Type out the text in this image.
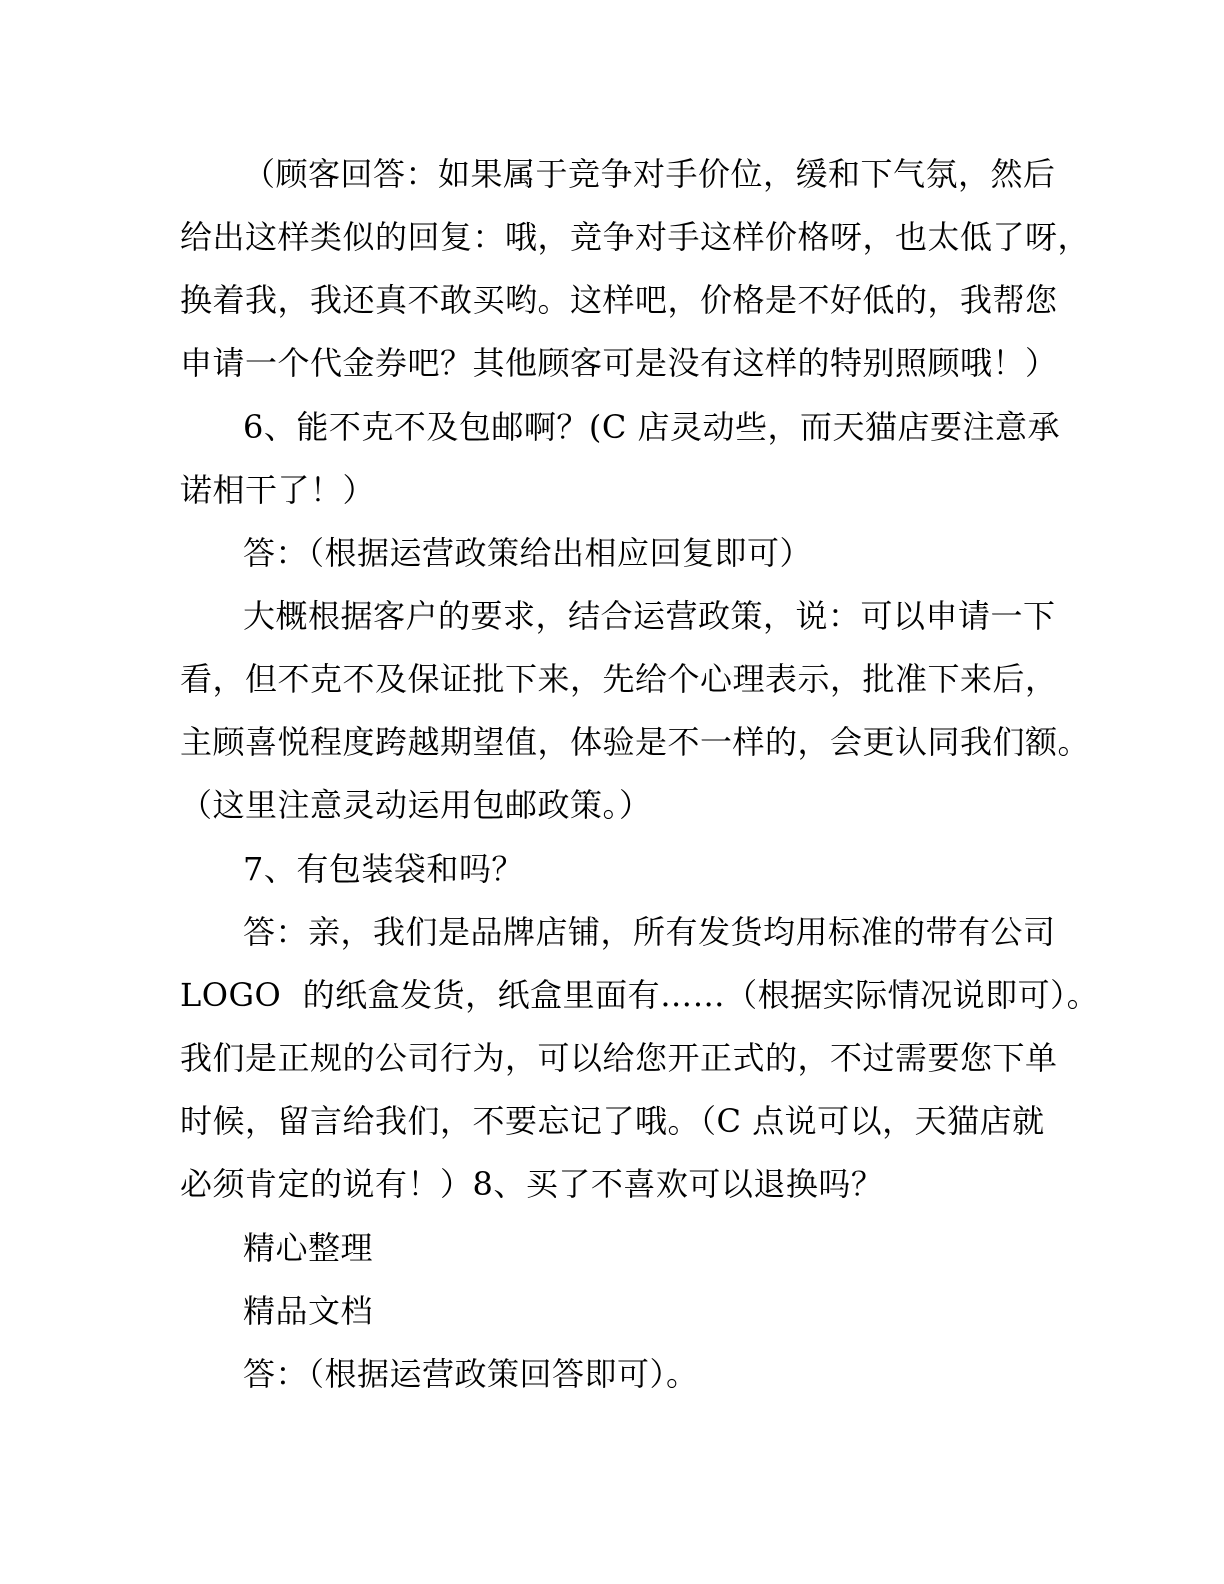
（顾客回答：如果属于竞争对手价位，缓和下气氛，然后
给出这样类似的回复：哦，竞争对手这样价格呀，也太低了呀，
换着我，我还真不敢买哟。这样吧，价格是不好低的，我帮您
申请一个代金券吧？其他顾客可是没有这样的特别照顾哦！）
6、能不克不及包邮啊？(C 店灵动些，而天猫店要注意承
诺相干了！）
答：（根据运营政策给出相应回复即可）
大概根据客户的要求，结合运营政策，说：可以申请一下
看，但不克不及保证批下来，先给个心理表示，批准下来后，
主顾喜悦程度跨越期望值，体验是不一样的，会更认同我们额。
（这里注意灵动运用包邮政策。）
7、有包装袋和吗？
答：亲，我们是品牌店铺，所有发货均用标准的带有公司
LOGO  的纸盒发货，纸盒里面有……（根据实际情况说即可）。
我们是正规的公司行为，可以给您开正式的，不过需要您下单
时候，留言给我们，不要忘记了哦。（C 点说可以，天猫店就
必须肯定的说有！）8、买了不喜欢可以退换吗？
精心整理
精品文档
答：（根据运营政策回答即可）。
